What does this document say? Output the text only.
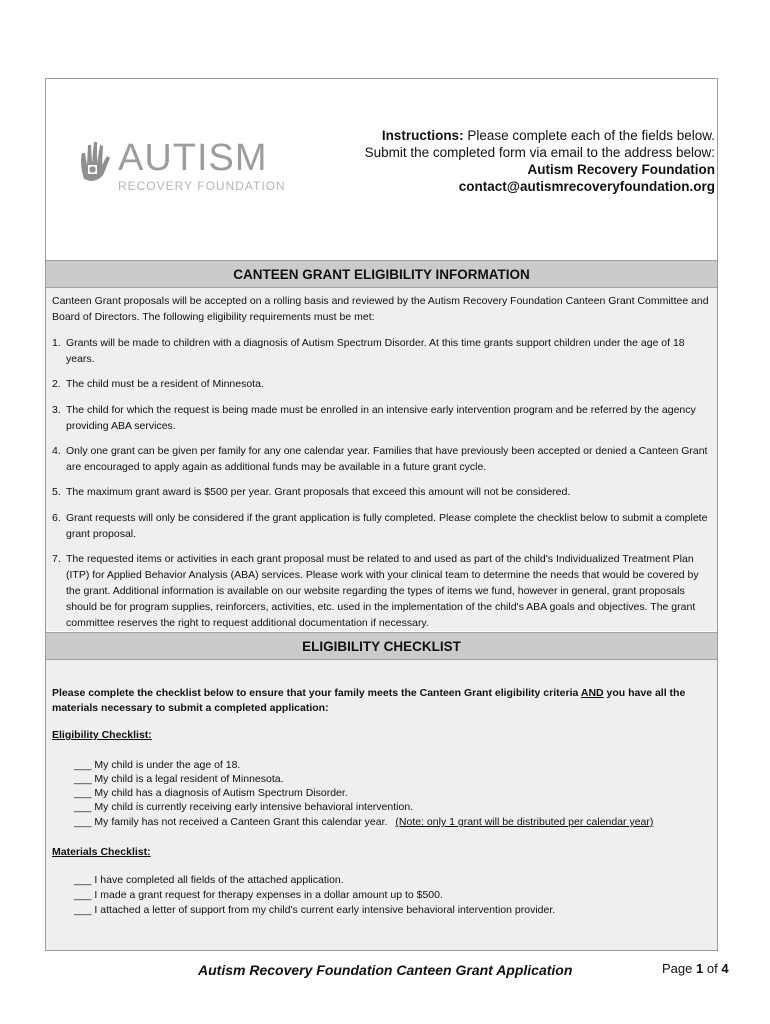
AUTISM
RECOVERY FOUNDATION
Instructions: Please complete each of the fields below.
Submit the completed form via email to the address below:
Autism Recovery Foundation
contact@autismrecoveryfoundation.org
CANTEEN GRANT ELIGIBILITY INFORMATION
Canteen Grant proposals will be accepted on a rolling basis and reviewed by the Autism Recovery Foundation Canteen Grant Committee and Board of Directors. The following eligibility requirements must be met:
1. Grants will be made to children with a diagnosis of Autism Spectrum Disorder. At this time grants support children under the age of 18 years.
2. The child must be a resident of Minnesota.
3. The child for which the request is being made must be enrolled in an intensive early intervention program and be referred by the agency providing ABA services.
4. Only one grant can be given per family for any one calendar year. Families that have previously been accepted or denied a Canteen Grant are encouraged to apply again as additional funds may be available in a future grant cycle.
5. The maximum grant award is $500 per year. Grant proposals that exceed this amount will not be considered.
6. Grant requests will only be considered if the grant application is fully completed. Please complete the checklist below to submit a complete grant proposal.
7. The requested items or activities in each grant proposal must be related to and used as part of the child's Individualized Treatment Plan (ITP) for Applied Behavior Analysis (ABA) services. Please work with your clinical team to determine the needs that would be covered by the grant. Additional information is available on our website regarding the types of items we fund, however in general, grant proposals should be for program supplies, reinforcers, activities, etc. used in the implementation of the child's ABA goals and objectives. The grant committee reserves the right to request additional documentation if necessary.
ELIGIBILITY CHECKLIST
Please complete the checklist below to ensure that your family meets the Canteen Grant eligibility criteria AND you have all the materials necessary to submit a completed application:
Eligibility Checklist:
___ My child is under the age of 18.
___ My child is a legal resident of Minnesota.
___ My child has a diagnosis of Autism Spectrum Disorder.
___ My child is currently receiving early intensive behavioral intervention.
___ My family has not received a Canteen Grant this calendar year. (Note: only 1 grant will be distributed per calendar year)
Materials Checklist:
___ I have completed all fields of the attached application.
___ I made a grant request for therapy expenses in a dollar amount up to $500.
___ I attached a letter of support from my child's current early intensive behavioral intervention provider.
Autism Recovery Foundation Canteen Grant Application	Page 1 of 4
